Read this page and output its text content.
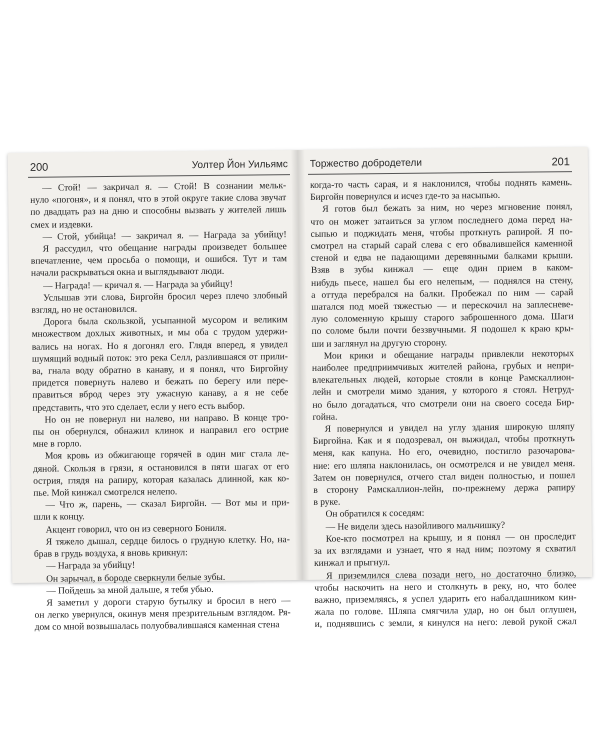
200	Уолтер Йон Уильямс
— Стой! — закричал я. — Стой! В сознании мельк-
нуло «погоня», и я понял, что в этой округе такие слова звучат
по двадцать раз на дню и способны вызвать у жителей лишь
смех и издевки.
— Стой, убийца! — закричал я. — Награда за убийцу!
Я рассудил, что обещание награды произведет большее
впечатление, чем просьба о помощи, и ошибся. Тут и там
начали раскрываться окна и выглядывают люди.
— Награда! — кричал я. — Награда за убийцу!
Услышав эти слова, Биргойн бросил через плечо злобный
взгляд, но не остановился.
Дорога была скользкой, усыпанной мусором и великим
множеством дохлых животных, и мы оба с трудом удержи-
вались на ногах. Но я догонял его. Глядя вперед, я увидел
шумящий водный поток: это река Селл, разлившаяся от прили-
ва, гнала воду обратно в канаву, и я понял, что Биргойну
придется повернуть налево и бежать по берегу или пере-
правиться вброд через эту ужасную канаву, а я не себе
представить, что это сделает, если у него есть выбор.
Но он не повернул ни налево, ни направо. В конце тро-
пы он обернулся, обнажил клинок и направил его острие
мне в горло.
Моя кровь из обжигающе горячей в один миг стала ле-
дяной. Скользя в грязи, я остановился в пяти шагах от его
острия, глядя на рапиру, которая казалась длинной, как ко-
пье. Мой кинжал смотрелся нелепо.
— Что ж, парень, — сказал Биргойн. — Вот мы и при-
шли к концу.
Акцент говорил, что он из северного Бониля.
Я тяжело дышал, сердце билось о грудную клетку. Но, на-
брав в грудь воздуха, я вновь крикнул:
— Награда за убийцу!
Он зарычал, в бороде сверкнули белые зубы.
— Пойдешь за мной дальше, я тебя убью.
Я заметил у дороги старую бутылку и бросил в него —
он легко увернулся, окинув меня презрительным взглядом. Ря-
дом со мной возвышалась полуобвалившаяся каменная стена
Торжество добродетели	201
когда-то часть сарая, и я наклонился, чтобы поднять камень.
Биргойн повернулся и исчез где-то за насыпью.
Я готов был бежать за ним, но через мгновение понял,
что он может затаиться за углом последнего дома перед на-
сыпью и поджидать меня, чтобы проткнуть рапирой. Я по-
смотрел на старый сарай слева с его обвалившейся каменной
стеной и едва не падающими деревянными балками крыши.
Взяв в зубы кинжал — еще один прием в каком-
нибудь пьесе, нашел бы его нелепым, — поднялся на стену,
а оттуда перебрался на балки. Пробежал по ним — сарай
шатался под моей тяжестью — и перескочил на заплесневе-
лую соломенную крышу старого заброшенного дома. Шаги
по соломе были почти беззвучными. Я подошел к краю кры-
ши и заглянул на другую сторону.
Мои крики и обещание награды привлекли некоторых
наиболее предприимчивых жителей района, грубых и непри-
влекательных людей, которые стояли в конце Рамскаллион-
лейн и смотрели мимо здания, у которого я стоял. Нетруд-
но было догадаться, что смотрели они на своего соседа Бир-
гойна.
Я повернулся и увидел на углу здания широкую шляпу
Биргойна. Как и я подозревал, он выжидал, чтобы проткнуть
меня, как капуна. Но его, очевидно, постигло разочарова-
ние: его шляпа наклонилась, он осмотрелся и не увидел меня.
Затем он повернулся, отчего стал виден полностью, и пошел
в сторону Рамскаллион-лейн, по-прежнему держа рапиру
в руке.
Он обратился к соседям:
— Не видели здесь назойливого мальчишку?
Кое-кто посмотрел на крышу, и я понял — он проследит
за их взглядами и узнает, что я над ним; поэтому я схватил
кинжал и прыгнул.
Я приземлился слева позади него, но достаточно близко,
чтобы наскочить на него и столкнуть в реку, но, что более
важно, приземляясь, я успел ударить его набалдашником кин-
жала по голове. Шляпа смягчила удар, но он был оглушен,
и, поднявшись с земли, я кинулся на него: левой рукой сжал
